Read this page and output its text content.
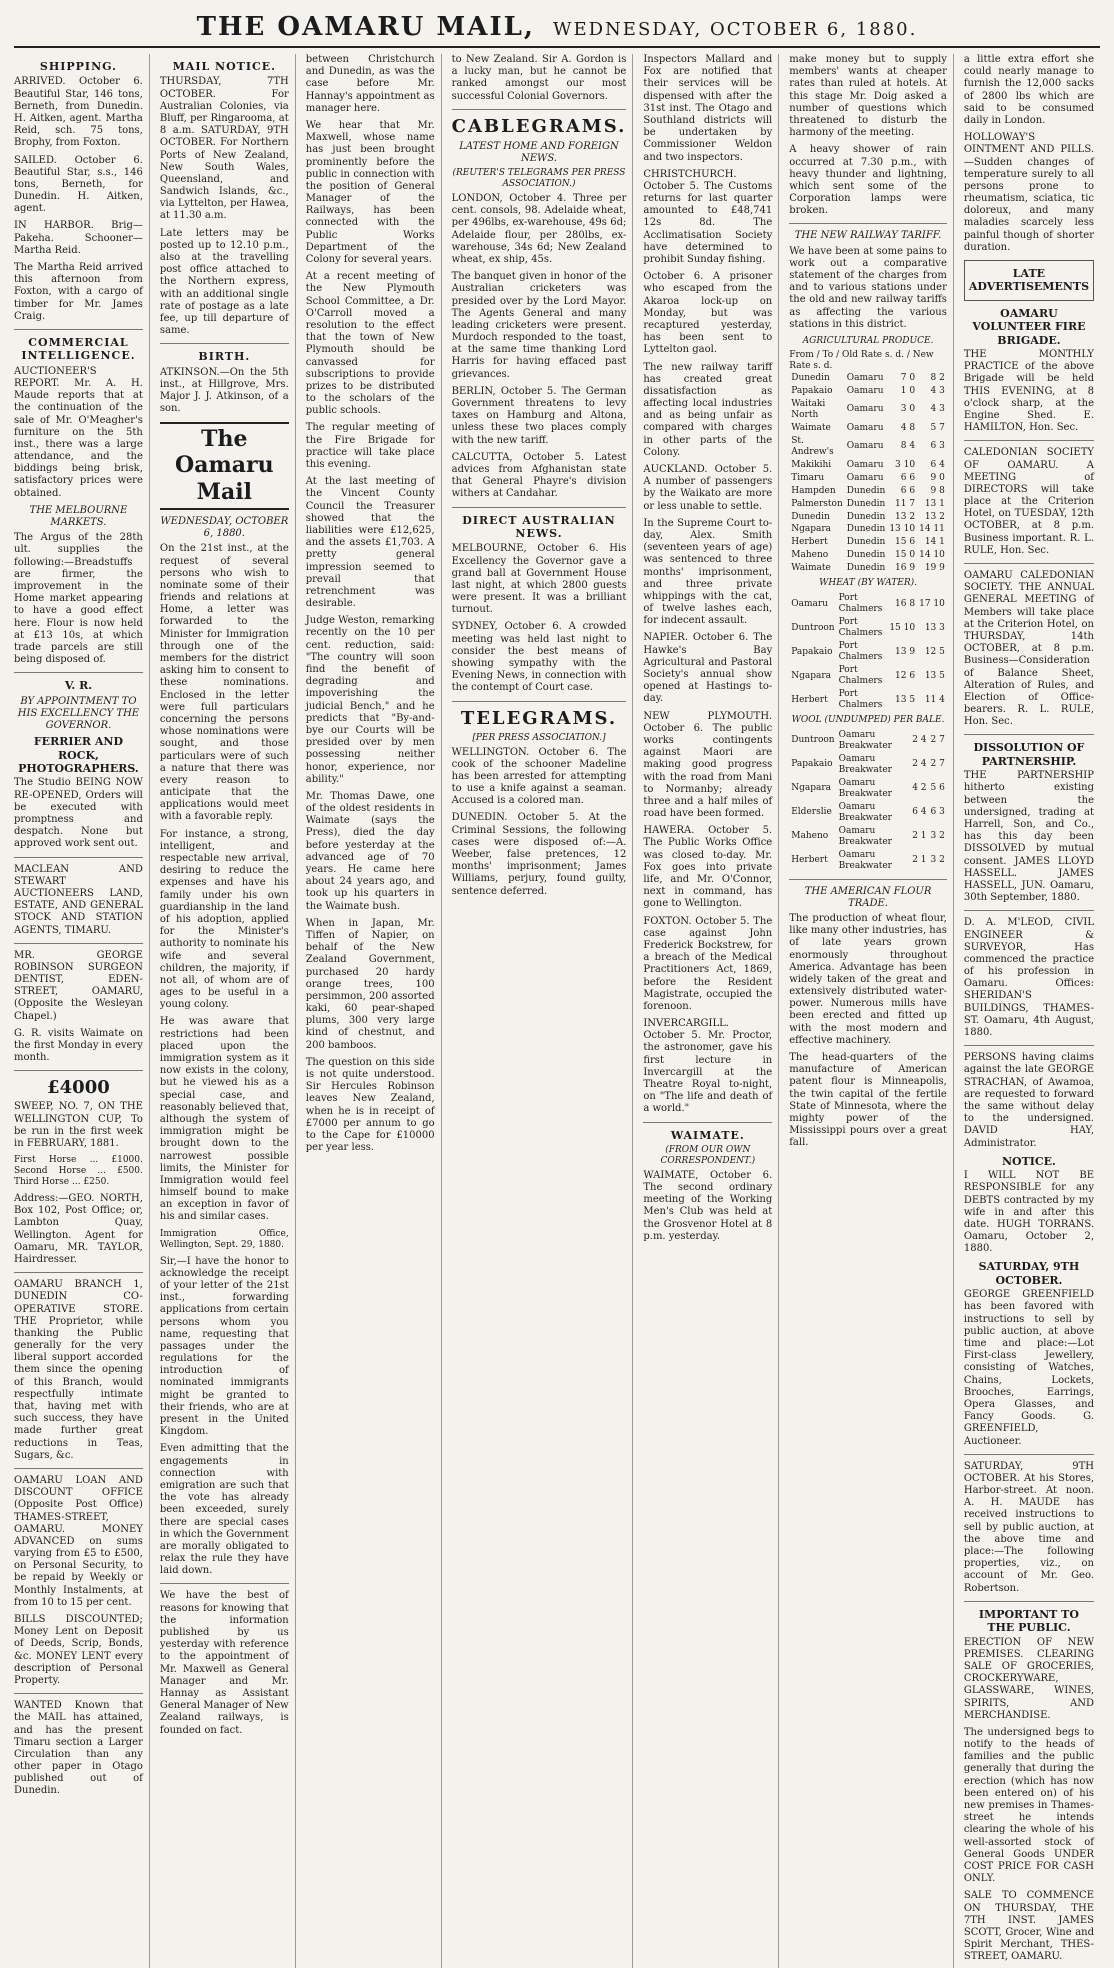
THE OAMARU MAIL, WEDNESDAY, OCTOBER 6, 1880.
SHIPPING.

ARRIVED. October 6. Beautiful Star, 146 tons, Berneth, from Dunedin. H. Aitken, agent. Martha Reid, sch. 75 tons, Brophy, from Foxton.

SAILED. October 6. Beautiful Star, s.s., 146 tons, Berneth, for Dunedin. H. Aitken, agent.

IN HARBOR. Brig—Pakeha. Schooner—Martha Reid.

The Martha Reid arrived this afternoon from Foxton, with a cargo of timber for Mr. James Craig.

COMMERCIAL INTELLIGENCE.

AUCTIONEER'S REPORT. Mr. A. H. Maude reports that at the continuation of the sale of Mr. O'Meagher's furniture on the 5th inst., there was a large attendance, and the biddings being brisk, satisfactory prices were obtained.

THE MELBOURNE MARKETS.

The Argus of the 28th ult. supplies the following:—Breadstuffs are firmer, the improvement in the Home market appearing to have a good effect here. Flour is now held at £13 10s, at which trade parcels are still being disposed of.

V. R.
BY APPOINTMENT TO HIS EXCELLENCY THE GOVERNOR.
FERRIER AND ROCK, PHOTOGRAPHERS.

The Studio BEING NOW RE-OPENED, Orders will be executed with promptness and despatch. None but approved work sent out.

MACLEAN AND STEWART AUCTIONEERS LAND, ESTATE, AND GENERAL STOCK AND STATION AGENTS, TIMARU.

MR. GEORGE ROBINSON SURGEON DENTIST, EDEN-STREET, OAMARU, (Opposite the Wesleyan Chapel.)

G. R. visits Waimate on the first Monday in every month.

£4000

SWEEP, NO. 7, ON THE WELLINGTON CUP, To be run in the first week in FEBRUARY, 1881.

First Horse ... £1000. Second Horse ... £500. Third Horse ... £250.

Address:—GEO. NORTH, Box 102, Post Office; or, Lambton Quay, Wellington. Agent for Oamaru, MR. TAYLOR, Hairdresser.

OAMARU BRANCH 1, DUNEDIN CO-OPERATIVE STORE. THE Proprietor, while thanking the Public generally for the very liberal support accorded them since the opening of this Branch, would respectfully intimate that, having met with such success, they have made further great reductions in Teas, Sugars, &c.

OAMARU LOAN AND DISCOUNT OFFICE (Opposite Post Office) THAMES-STREET, OAMARU. MONEY ADVANCED on sums varying from £5 to £500, on Personal Security, to be repaid by Weekly or Monthly Instalments, at from 10 to 15 per cent.

BILLS DISCOUNTED; Money Lent on Deposit of Deeds, Scrip, Bonds, &c. MONEY LENT every description of Personal Property.

WANTED Known that the MAIL has attained, and has the present Timaru section a Larger Circulation than any other paper in Otago published out of Dunedin.

MAIL NOTICE.

THURSDAY, 7TH OCTOBER. For Australian Colonies, via Bluff, per Ringarooma, at 8 a.m. SATURDAY, 9TH OCTOBER. For Northern Ports of New Zealand, New South Wales, Queensland, and Sandwich Islands, &c., via Lyttelton, per Hawea, at 11.30 a.m.

Late letters may be posted up to 12.10 p.m., also at the travelling post office attached to the Northern express, with an additional single rate of postage as a late fee, up till departure of same.

BIRTH.

ATKINSON.—On the 5th inst., at Hillgrove, Mrs. Major J. J. Atkinson, of a son.

The Oamaru Mail
WEDNESDAY, OCTOBER 6, 1880.

On the 21st inst., at the request of several persons who wish to nominate some of their friends and relations at Home, a letter was forwarded to the Minister for Immigration through one of the members for the district asking him to consent to these nominations. Enclosed in the letter were full particulars concerning the persons whose nominations were sought, and those particulars were of such a nature that there was every reason to anticipate that the applications would meet with a favorable reply.

For instance, a strong, intelligent, and respectable new arrival, desiring to reduce the expenses and have his family under his own guardianship in the land of his adoption, applied for the Minister's authority to nominate his wife and several children, the majority, if not all, of whom are of ages to be useful in a young colony.

He was aware that restrictions had been placed upon the immigration system as it now exists in the colony, but he viewed his as a special case, and reasonably believed that, although the system of immigration might be brought down to the narrowest possible limits, the Minister for Immigration would feel himself bound to make an exception in favor of his and similar cases.

Immigration Office, Wellington, Sept. 29, 1880.

Sir,—I have the honor to acknowledge the receipt of your letter of the 21st inst., forwarding applications from certain persons whom you name, requesting that passages under the regulations for the introduction of nominated immigrants might be granted to their friends, who are at present in the United Kingdom.

Even admitting that the engagements in connection with emigration are such that the vote has already been exceeded, surely there are special cases in which the Government are morally obligated to relax the rule they have laid down.

We have the best of reasons for knowing that the information published by us yesterday with reference to the appointment of Mr. Maxwell as General Manager and Mr. Hannay as Assistant General Manager of New Zealand railways, is founded on fact.

between Christchurch and Dunedin, as was the case before Mr. Hannay's appointment as manager here.

We hear that Mr. Maxwell, whose name has just been brought prominently before the public in connection with the position of General Manager of the Railways, has been connected with the Public Works Department of the Colony for several years.

At a recent meeting of the New Plymouth School Committee, a Dr. O'Carroll moved a resolution to the effect that the town of New Plymouth should be canvassed for subscriptions to provide prizes to be distributed to the scholars of the public schools.

The regular meeting of the Fire Brigade for practice will take place this evening.

At the last meeting of the Vincent County Council the Treasurer showed that the liabilities were £12,625, and the assets £1,703. A pretty general impression seemed to prevail that retrenchment was desirable.

Judge Weston, remarking recently on the 10 per cent. reduction, said: "The country will soon find the benefit of degrading and impoverishing the judicial Bench," and he predicts that "By-and-bye our Courts will be presided over by men possessing neither honor, experience, nor ability."

Mr. Thomas Dawe, one of the oldest residents in Waimate (says the Press), died the day before yesterday at the advanced age of 70 years. He came here about 24 years ago, and took up his quarters in the Waimate bush.

When in Japan, Mr. Tiffen of Napier, on behalf of the New Zealand Government, purchased 20 hardy orange trees, 100 persimmon, 200 assorted kaki, 60 pear-shaped plums, 300 very large kind of chestnut, and 200 bamboos.

The question on this side is not quite understood. Sir Hercules Robinson leaves New Zealand, when he is in receipt of £7000 per annum to go to the Cape for £10000 per year less.

to New Zealand. Sir A. Gordon is a lucky man, but he cannot be ranked amongst our most successful Colonial Governors.

CABLEGRAMS.
LATEST HOME AND FOREIGN NEWS.
(REUTER'S TELEGRAMS PER PRESS ASSOCIATION.)

LONDON, October 4. Three per cent. consols, 98. Adelaide wheat, per 496lbs, ex-warehouse, 49s 6d; Adelaide flour, per 280lbs, ex-warehouse, 34s 6d; New Zealand wheat, ex ship, 45s.

The banquet given in honor of the Australian cricketers was presided over by the Lord Mayor. The Agents General and many leading cricketers were present. Murdoch responded to the toast, at the same time thanking Lord Harris for having effaced past grievances.

BERLIN, October 5. The German Government threatens to levy taxes on Hamburg and Altona, unless these two places comply with the new tariff.

CALCUTTA, October 5. Latest advices from Afghanistan state that General Phayre's division withers at Candahar.

DIRECT AUSTRALIAN NEWS.

MELBOURNE, October 6. His Excellency the Governor gave a grand ball at Government House last night, at which 2800 guests were present. It was a brilliant turnout.

SYDNEY, October 6. A crowded meeting was held last night to consider the best means of showing sympathy with the Evening News, in connection with the contempt of Court case.

TELEGRAMS.
[PER PRESS ASSOCIATION.]

WELLINGTON. October 6. The cook of the schooner Madeline has been arrested for attempting to use a knife against a seaman. Accused is a colored man.

DUNEDIN. October 5. At the Criminal Sessions, the following cases were disposed of:—A. Weeber, false pretences, 12 months' imprisonment; James Williams, perjury, found guilty, sentence deferred.

Inspectors Mallard and Fox are notified that their services will be dispensed with after the 31st inst. The Otago and Southland districts will be undertaken by Commissioner Weldon and two inspectors.

CHRISTCHURCH. October 5. The Customs returns for last quarter amounted to £48,741 12s 8d. The Acclimatisation Society have determined to prohibit Sunday fishing.

October 6. A prisoner who escaped from the Akaroa lock-up on Monday, but was recaptured yesterday, has been sent to Lyttelton gaol.

The new railway tariff has created great dissatisfaction as affecting local industries and as being unfair as compared with charges in other parts of the Colony.

AUCKLAND. October 5. A number of passengers by the Waikato are more or less unable to settle.

In the Supreme Court to-day, Alex. Smith (seventeen years of age) was sentenced to three months' imprisonment, and three private whippings with the cat, of twelve lashes each, for indecent assault.

NAPIER. October 6. The Hawke's Bay Agricultural and Pastoral Society's annual show opened at Hastings to-day.

NEW PLYMOUTH. October 6. The public works contingents against Maori are making good progress with the road from Mani to Normanby; already three and a half miles of road have been formed.

HAWERA. October 5. The Public Works Office was closed to-day. Mr. Fox goes into private life, and Mr. O'Connor, next in command, has gone to Wellington.

FOXTON. October 5. The case against John Frederick Bockstrew, for a breach of the Medical Practitioners Act, 1869, before the Resident Magistrate, occupied the forenoon.

INVERCARGILL. October 5. Mr. Proctor, the astronomer, gave his first lecture in Invercargill at the Theatre Royal to-night, on "The life and death of a world."

WAIMATE.
(FROM OUR OWN CORRESPONDENT.)

WAIMATE, October 6. The second ordinary meeting of the Working Men's Club was held at the Grosvenor Hotel at 8 p.m. yesterday.

make money but to supply members' wants at cheaper rates than ruled at hotels. At this stage Mr. Doig asked a number of questions which threatened to disturb the harmony of the meeting.

A heavy shower of rain occurred at 7.30 p.m., with heavy thunder and lightning, which sent some of the Corporation lamps were broken.

THE NEW RAILWAY TARIFF.

We have been at some pains to work out a comparative statement of the charges from and to various stations under the old and new railway tariffs as affecting the various stations in this district.

AGRICULTURAL PRODUCE.
From / To / Old Rate s. d. / New Rate s. d.
Dunedin	Oamaru	7 0	8 2
Papakaio	Oamaru	1 0	4 3
Waitaki North	Oamaru	3 0	4 3
Waimate	Oamaru	4 8	5 7
St. Andrew's	Oamaru	8 4	6 3
Makikihi	Oamaru	3 10	6 4
Timaru	Oamaru	6 6	9 0
Hampden	Dunedin	6 6	9 8
Palmerston	Dunedin	11 7	13 1
Dunedin	Dunedin	13 2	13 2
Ngapara	Dunedin	13 10	14 11
Herbert	Dunedin	15 6	14 1
Maheno	Dunedin	15 0	14 10
Waimate	Dunedin	16 9	19 9
WHEAT (BY WATER).
Oamaru	Port Chalmers	16 8	17 10
Duntroon	Port Chalmers	15 10	13 3
Papakaio	Port Chalmers	13 9	12 5
Ngapara	Port Chalmers	12 6	13 5
Herbert	Port Chalmers	13 5	11 4
WOOL (UNDUMPED) PER BALE.
Duntroon	Oamaru Breakwater	2 4	2 7
Papakaio	Oamaru Breakwater	2 4	2 7
Ngapara	Oamaru Breakwater	4 2	5 6
Elderslie	Oamaru Breakwater	6 4	6 3
Maheno	Oamaru Breakwater	2 1	3 2
Herbert	Oamaru Breakwater	2 1	3 2
THE AMERICAN FLOUR TRADE.

The production of wheat flour, like many other industries, has of late years grown enormously throughout America. Advantage has been widely taken of the great and extensively distributed water-power. Numerous mills have been erected and fitted up with the most modern and effective machinery.

The head-quarters of the manufacture of American patent flour is Minneapolis, the twin capital of the fertile State of Minnesota, where the mighty power of the Mississippi pours over a great fall.

a little extra effort she could nearly manage to furnish the 12,000 sacks of 2800 lbs which are said to be consumed daily in London.

HOLLOWAY'S OINTMENT AND PILLS.—Sudden changes of temperature surely to all persons prone to rheumatism, sciatica, tic doloreux, and many maladies scarcely less painful though of shorter duration.

LATE ADVERTISEMENTS
OAMARU VOLUNTEER FIRE BRIGADE.

THE MONTHLY PRACTICE of the above Brigade will be held THIS EVENING, at 8 o'clock sharp, at the Engine Shed. E. HAMILTON, Hon. Sec.

CALEDONIAN SOCIETY OF OAMARU. A MEETING of DIRECTORS will take place at the Criterion Hotel, on TUESDAY, 12th OCTOBER, at 8 p.m. Business important. R. L. RULE, Hon. Sec.

OAMARU CALEDONIAN SOCIETY. THE ANNUAL GENERAL MEETING of Members will take place at the Criterion Hotel, on THURSDAY, 14th OCTOBER, at 8 p.m. Business—Consideration of Balance Sheet, Alteration of Rules, and Election of Office-bearers. R. L. RULE, Hon. Sec.

DISSOLUTION OF PARTNERSHIP.

THE PARTNERSHIP hitherto existing between the undersigned, trading at Harrell, Son, and Co., has this day been DISSOLVED by mutual consent. JAMES LLOYD HASSELL. JAMES HASSELL, JUN. Oamaru, 30th September, 1880.

D. A. M'LEOD, CIVIL ENGINEER & SURVEYOR, Has commenced the practice of his profession in Oamaru. Offices: SHERIDAN'S BUILDINGS, THAMES-ST. Oamaru, 4th August, 1880.

PERSONS having claims against the late GEORGE STRACHAN, of Awamoa, are requested to forward the same without delay to the undersigned. DAVID HAY, Administrator.

NOTICE.

I WILL NOT BE RESPONSIBLE for any DEBTS contracted by my wife in and after this date. HUGH TORRANS. Oamaru, October 2, 1880.

SATURDAY, 9TH OCTOBER.

GEORGE GREENFIELD has been favored with instructions to sell by public auction, at above time and place:—Lot First-class Jewellery, consisting of Watches, Chains, Lockets, Brooches, Earrings, Opera Glasses, and Fancy Goods. G. GREENFIELD, Auctioneer.

SATURDAY, 9TH OCTOBER. At his Stores, Harbor-street. At noon. A. H. MAUDE has received instructions to sell by public auction, at the above time and place:—The following properties, viz., on account of Mr. Geo. Robertson.

IMPORTANT TO THE PUBLIC.

ERECTION OF NEW PREMISES. CLEARING SALE OF GROCERIES, CROCKERYWARE, GLASSWARE, WINES, SPIRITS, AND MERCHANDISE.

The undersigned begs to notify to the heads of families and the public generally that during the erection (which has now been entered on) of his new premises in Thames-street he intends clearing the whole of his well-assorted stock of General Goods UNDER COST PRICE FOR CASH ONLY.

SALE TO COMMENCE ON THURSDAY, THE 7TH INST. JAMES SCOTT, Grocer, Wine and Spirit Merchant, THES-STREET, OAMARU.
